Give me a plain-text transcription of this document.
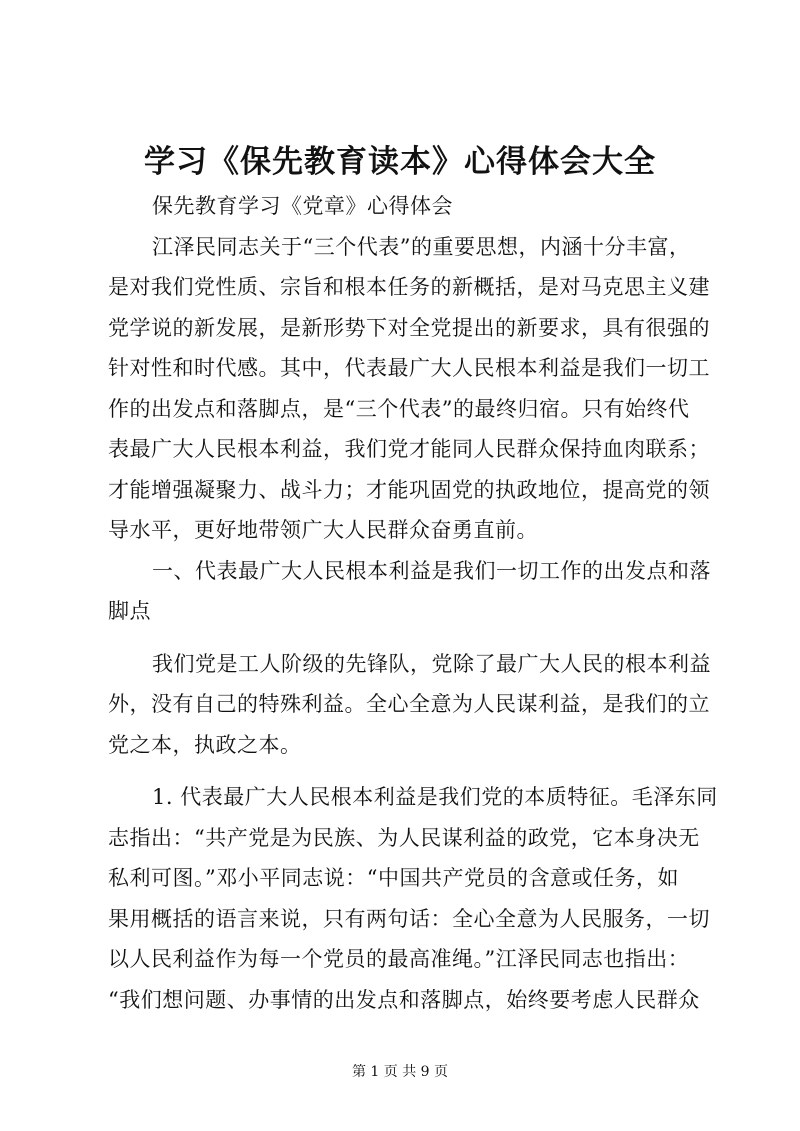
学习《保先教育读本》心得体会大全
保先教育学习《党章》心得体会
江泽民同志关于“三个代表”的重要思想，内涵十分丰富，
是对我们党性质、宗旨和根本任务的新概括，是对马克思主义建
党学说的新发展，是新形势下对全党提出的新要求，具有很强的
针对性和时代感。其中，代表最广大人民根本利益是我们一切工
作的出发点和落脚点，是“三个代表”的最终归宿。只有始终代
表最广大人民根本利益，我们党才能同人民群众保持血肉联系；
才能增强凝聚力、战斗力；才能巩固党的执政地位，提高党的领
导水平，更好地带领广大人民群众奋勇直前。
一、代表最广大人民根本利益是我们一切工作的出发点和落
脚点
我们党是工人阶级的先锋队，党除了最广大人民的根本利益
外，没有自己的特殊利益。全心全意为人民谋利益，是我们的立
党之本，执政之本。
1. 代表最广大人民根本利益是我们党的本质特征。毛泽东同
志指出：“共产党是为民族、为人民谋利益的政党，它本身决无
私利可图。”邓小平同志说：“中国共产党员的含意或任务，如
果用概括的语言来说，只有两句话：全心全意为人民服务，一切
以人民利益作为每一个党员的最高准绳。”江泽民同志也指出：
“我们想问题、办事情的出发点和落脚点，始终要考虑人民群众
第 1 页 共 9 页
